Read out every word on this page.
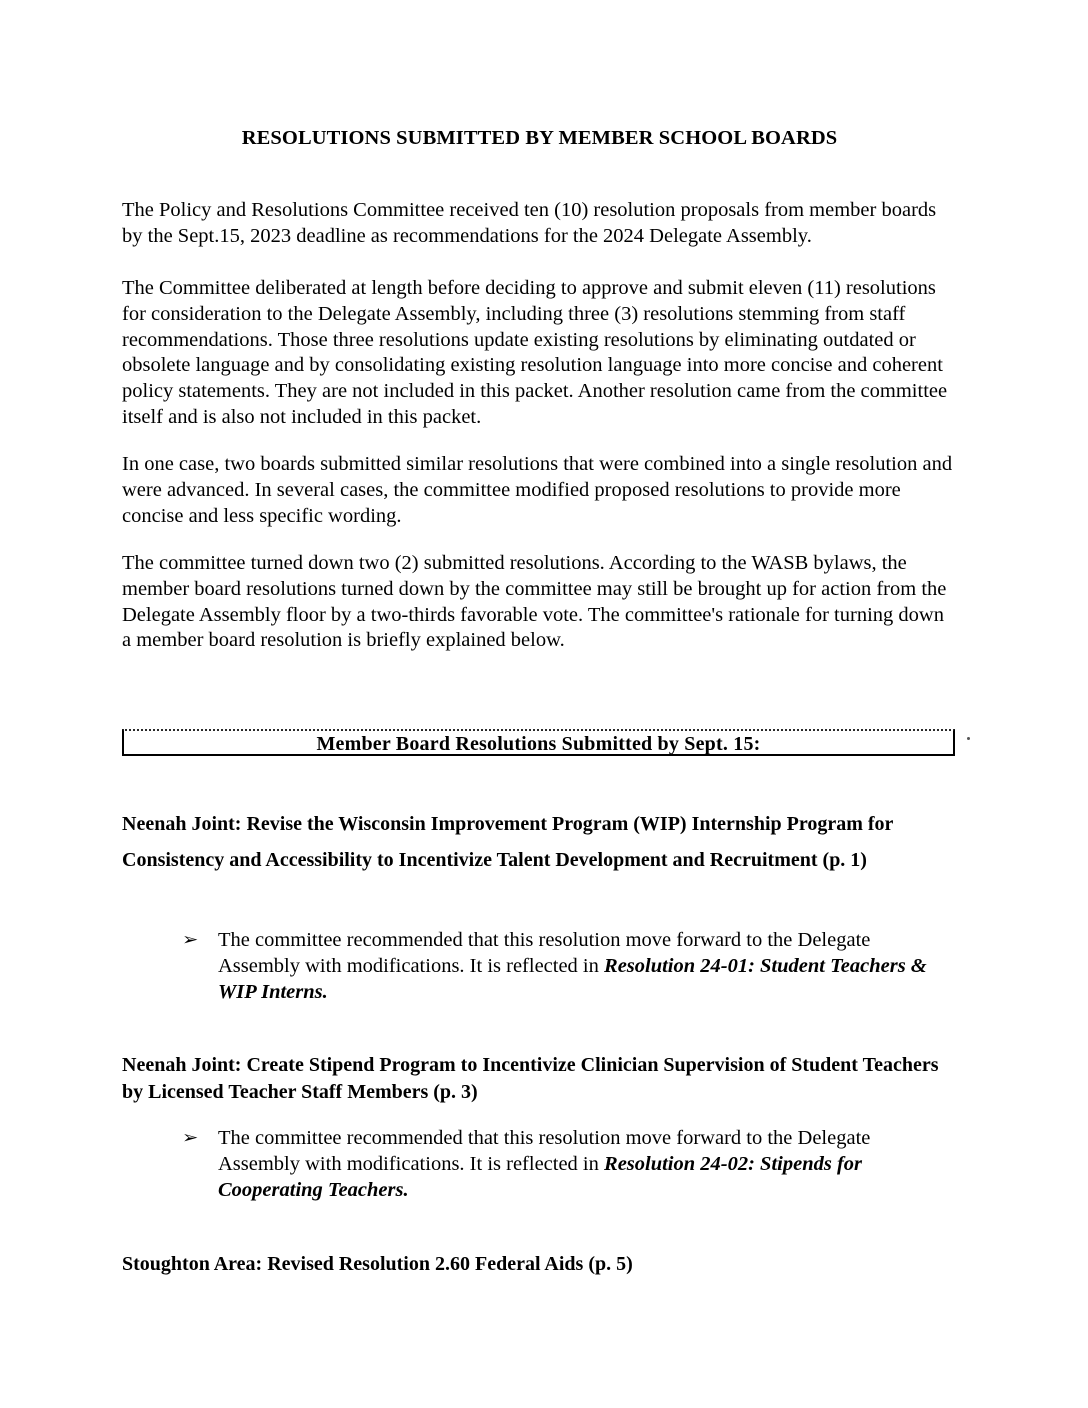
RESOLUTIONS SUBMITTED BY MEMBER SCHOOL BOARDS
The Policy and Resolutions Committee received ten (10) resolution proposals from member boards by the Sept.15, 2023 deadline as recommendations for the 2024 Delegate Assembly.
The Committee deliberated at length before deciding to approve and submit eleven (11) resolutions for consideration to the Delegate Assembly, including three (3) resolutions stemming from staff recommendations. Those three resolutions update existing resolutions by eliminating outdated or obsolete language and by consolidating existing resolution language into more concise and coherent policy statements. They are not included in this packet. Another resolution came from the committee itself and is also not included in this packet.
In one case, two boards submitted similar resolutions that were combined into a single resolution and were advanced. In several cases, the committee modified proposed resolutions to provide more concise and less specific wording.
The committee turned down two (2) submitted resolutions. According to the WASB bylaws, the member board resolutions turned down by the committee may still be brought up for action from the Delegate Assembly floor by a two-thirds favorable vote. The committee's rationale for turning down a member board resolution is briefly explained below.
Member Board Resolutions Submitted by Sept. 15:
Neenah Joint: Revise the Wisconsin Improvement Program (WIP) Internship Program for Consistency and Accessibility to Incentivize Talent Development and Recruitment (p. 1)
➢ The committee recommended that this resolution move forward to the Delegate Assembly with modifications. It is reflected in Resolution 24-01: Student Teachers & WIP Interns.
Neenah Joint: Create Stipend Program to Incentivize Clinician Supervision of Student Teachers by Licensed Teacher Staff Members (p. 3)
➢ The committee recommended that this resolution move forward to the Delegate Assembly with modifications. It is reflected in Resolution 24-02: Stipends for Cooperating Teachers.
Stoughton Area: Revised Resolution 2.60 Federal Aids (p. 5)
